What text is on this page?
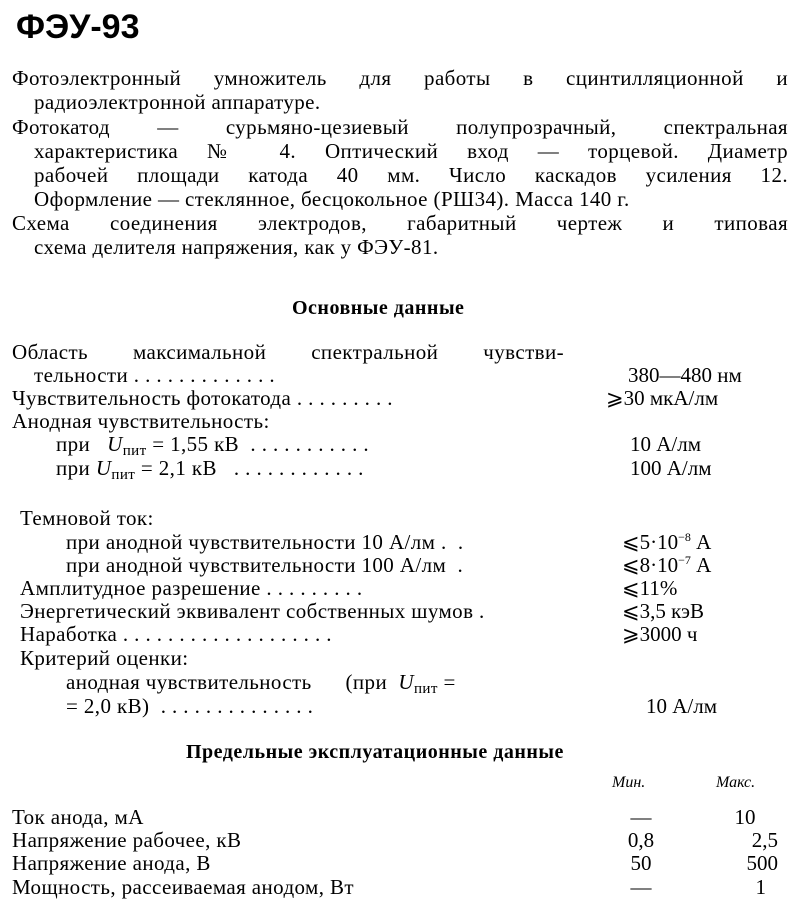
ФЭУ-93
Фотоэлектронный умножитель для работы в сцинтилляционной и
радиоэлектронной аппаратуре.
Фотокатод — сурьмяно-цезиевый полупрозрачный, спектральная
характеристика № 4. Оптический вход — торцевой. Диаметр
рабочей площади катода 40 мм. Число каскадов усиления 12.
Оформление — стеклянное, бесцокольное (РШ34). Масса 140 г.
Схема соединения электродов, габаритный чертеж и типовая
схема делителя напряжения, как у ФЭУ-81.
Основные данные
Область максимальной спектральной чувстви-
тельности . . . . . . . . . . . . .	380—480 нм
Чувствительность фотокатода . . . . . . . . .	⩾30 мкА/лм
Анодная чувствительность:
при $U_{пит} = 1,55$ кВ  . . . . . . . . . . .	10 А/лм
при $U_{пит} = 2,1$ кВ   . . . . . . . . . . . .	100 А/лм
Темновой ток:
при анодной чувствительности 10 А/лм .  .	$⩽5\cdot 10^{-8}$ А
при анодной чувствительности 100 А/лм  .	$⩽8\cdot 10^{-7}$ А
Амплитудное разрешение . . . . . . . . .	⩽11%
Энергетический эквивалент собственных шумов .	⩽3,5 кэВ
Наработка . . . . . . . . . . . . . . . . . . .	⩾3000 ч
Критерий оценки:
анодная чувствительность (при $U_{пит}$ =
= 2,0 кВ)  . . . . . . . . . . . . . .	10 А/лм
Предельные эксплуатационные данные
Мин.	Макс.
Ток анода, мА	—	10
Напряжение рабочее, кВ	0,8	2,5
Напряжение анода, В	50	500
Мощность, рассеиваемая анодом, Вт	—	1
